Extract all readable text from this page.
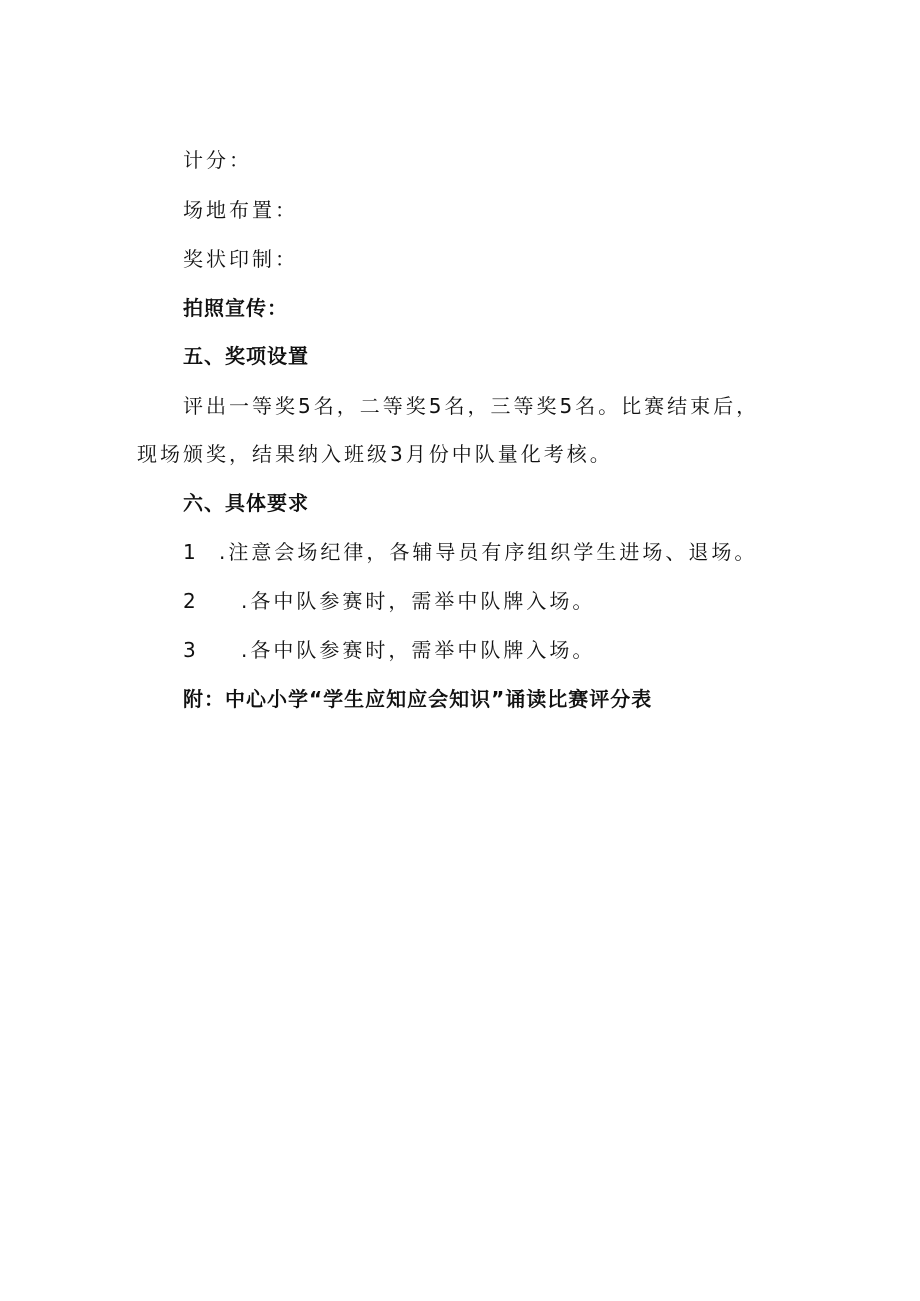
计分：
场地布置：
奖状印制：
拍照宣传：
五、奖项设置
评出一等奖5名，二等奖5名，三等奖5名。比赛结束后，
现场颁奖，结果纳入班级3月份中队量化考核。
六、具体要求
1 .注意会场纪律，各辅导员有序组织学生进场、退场。
2 .各中队参赛时，需举中队牌入场。
3 .各中队参赛时，需举中队牌入场。
附：中心小学“学生应知应会知识”诵读比赛评分表
